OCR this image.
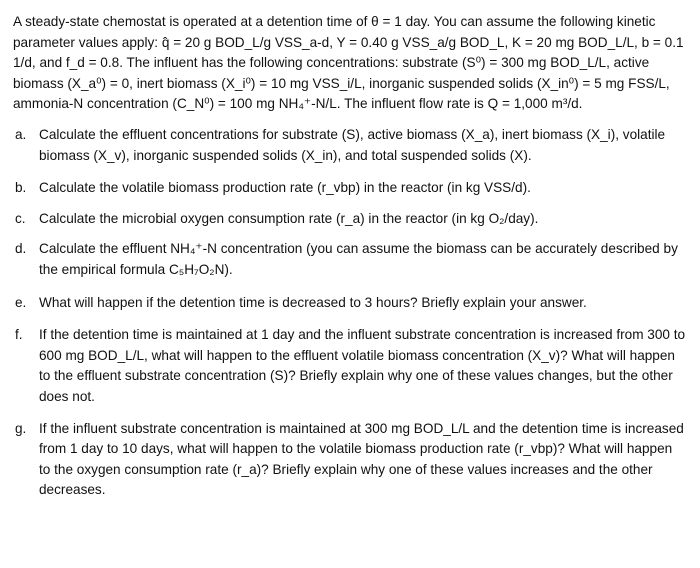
A steady-state chemostat is operated at a detention time of θ = 1 day. You can assume the following kinetic parameter values apply: q̂ = 20 g BOD_L/g VSS_a-d, Y = 0.40 g VSS_a/g BOD_L, K = 20 mg BOD_L/L, b = 0.1 1/d, and f_d = 0.8. The influent has the following concentrations: substrate (S⁰) = 300 mg BOD_L/L, active biomass (X_a⁰) = 0, inert biomass (X_i⁰) = 10 mg VSS_i/L, inorganic suspended solids (X_in⁰) = 5 mg FSS/L, ammonia-N concentration (C_N⁰) = 100 mg NH₄⁺-N/L. The influent flow rate is Q = 1,000 m³/d.
a. Calculate the effluent concentrations for substrate (S), active biomass (X_a), inert biomass (X_i), volatile biomass (X_v), inorganic suspended solids (X_in), and total suspended solids (X).
b. Calculate the volatile biomass production rate (r_vbp) in the reactor (in kg VSS/d).
c. Calculate the microbial oxygen consumption rate (r_a) in the reactor (in kg O₂/day).
d. Calculate the effluent NH₄⁺-N concentration (you can assume the biomass can be accurately described by the empirical formula C₅H₇O₂N).
e. What will happen if the detention time is decreased to 3 hours? Briefly explain your answer.
f.	If the detention time is maintained at 1 day and the influent substrate concentration is increased from 300 to 600 mg BOD_L/L, what will happen to the effluent volatile biomass concentration (X_v)? What will happen to the effluent substrate concentration (S)? Briefly explain why one of these values changes, but the other does not.
g. If the influent substrate concentration is maintained at 300 mg BOD_L/L and the detention time is increased from 1 day to 10 days, what will happen to the volatile biomass production rate (r_vbp)? What will happen to the oxygen consumption rate (r_a)? Briefly explain why one of these values increases and the other decreases.
